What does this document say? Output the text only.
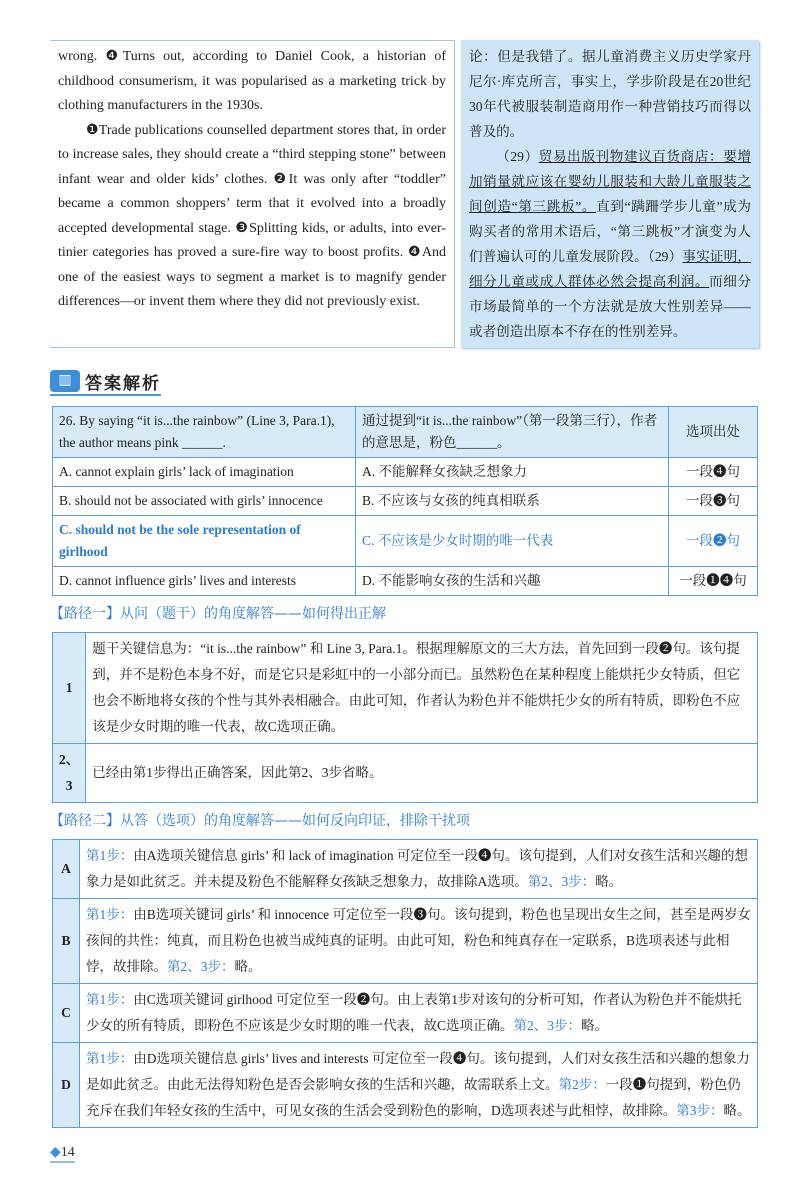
wrong. ❹Turns out, according to Daniel Cook, a historian of childhood consumerism, it was popularised as a marketing trick by clothing manufacturers in the 1930s.

❶Trade publications counselled department stores that, in order to increase sales, they should create a “third stepping stone” between infant wear and older kids’ clothes. ❷It was only after “toddler” became a common shoppers’ term that it evolved into a broadly accepted developmental stage. ❸Splitting kids, or adults, into ever-tinier categories has proved a sure-fire way to boost profits. ❹And one of the easiest ways to segment a market is to magnify gender differences—or invent them where they did not previously exist.

论：但是我错了。据儿童消费主义历史学家丹尼尔·库克所言，事实上，学步阶段是在20世纪30年代被服装制造商用作一种营销技巧而得以普及的。

（29）贸易出版刊物建议百货商店：要增加销量就应该在婴幼儿服装和大龄儿童服装之间创造“第三跳板”。直到“蹒跚学步儿童”成为购买者的常用术语后，“第三跳板”才演变为人们普遍认可的儿童发展阶段。（29）事实证明，细分儿童或成人群体必然会提高利润。而细分市场最简单的一个方法就是放大性别差异——或者创造出原本不存在的性别差异。

▥ 答案解析
26. By saying “it is...the rainbow” (Line 3, Para.1), the author means pink ______.	通过提到“it is...the rainbow”（第一段第三行），作者的意思是，粉色______。	选项出处
A. cannot explain girls’ lack of imagination	A. 不能解释女孩缺乏想象力	一段❹句
B. should not be associated with girls’ innocence	B. 不应该与女孩的纯真相联系	一段❸句
C. should not be the sole representation of girlhood	C. 不应该是少女时期的唯一代表	一段❷句
D. cannot influence girls’ lives and interests	D. 不能影响女孩的生活和兴趣	一段❶❹句
【路径一】从问（题干）的角度解答——如何得出正解
1	题干关键信息为：“it is...the rainbow” 和 Line 3, Para.1。根据理解原文的三大方法，首先回到一段❷句。该句提到，并不是粉色本身不好，而是它只是彩虹中的一小部分而已。虽然粉色在某种程度上能烘托少女特质，但它也会不断地将女孩的个性与其外表相融合。由此可知，作者认为粉色并不能烘托少女的所有特质，即粉色不应该是少女时期的唯一代表，故C选项正确。
2、3	已经由第1步得出正确答案，因此第2、3步省略。
【路径二】从答（选项）的角度解答——如何反向印证，排除干扰项
A	第1步：由A选项关键信息 girls’ 和 lack of imagination 可定位至一段❹句。该句提到，人们对女孩生活和兴趣的想象力是如此贫乏。并未提及粉色不能解释女孩缺乏想象力，故排除A选项。第2、3步：略。
B	第1步：由B选项关键词 girls’ 和 innocence 可定位至一段❸句。该句提到，粉色也呈现出女生之间，甚至是两岁女孩间的共性：纯真，而且粉色也被当成纯真的证明。由此可知，粉色和纯真存在一定联系，B选项表述与此相悖，故排除。第2、3步：略。
C	第1步：由C选项关键词 girlhood 可定位至一段❷句。由上表第1步对该句的分析可知，作者认为粉色并不能烘托少女的所有特质，即粉色不应该是少女时期的唯一代表，故C选项正确。第2、3步：略。
D	第1步：由D选项关键信息 girls’ lives and interests 可定位至一段❹句。该句提到，人们对女孩生活和兴趣的想象力是如此贫乏。由此无法得知粉色是否会影响女孩的生活和兴趣，故需联系上文。第2步：一段❶句提到，粉色仍充斥在我们年轻女孩的生活中，可见女孩的生活会受到粉色的影响，D选项表述与此相悖，故排除。第3步：略。
◆14
